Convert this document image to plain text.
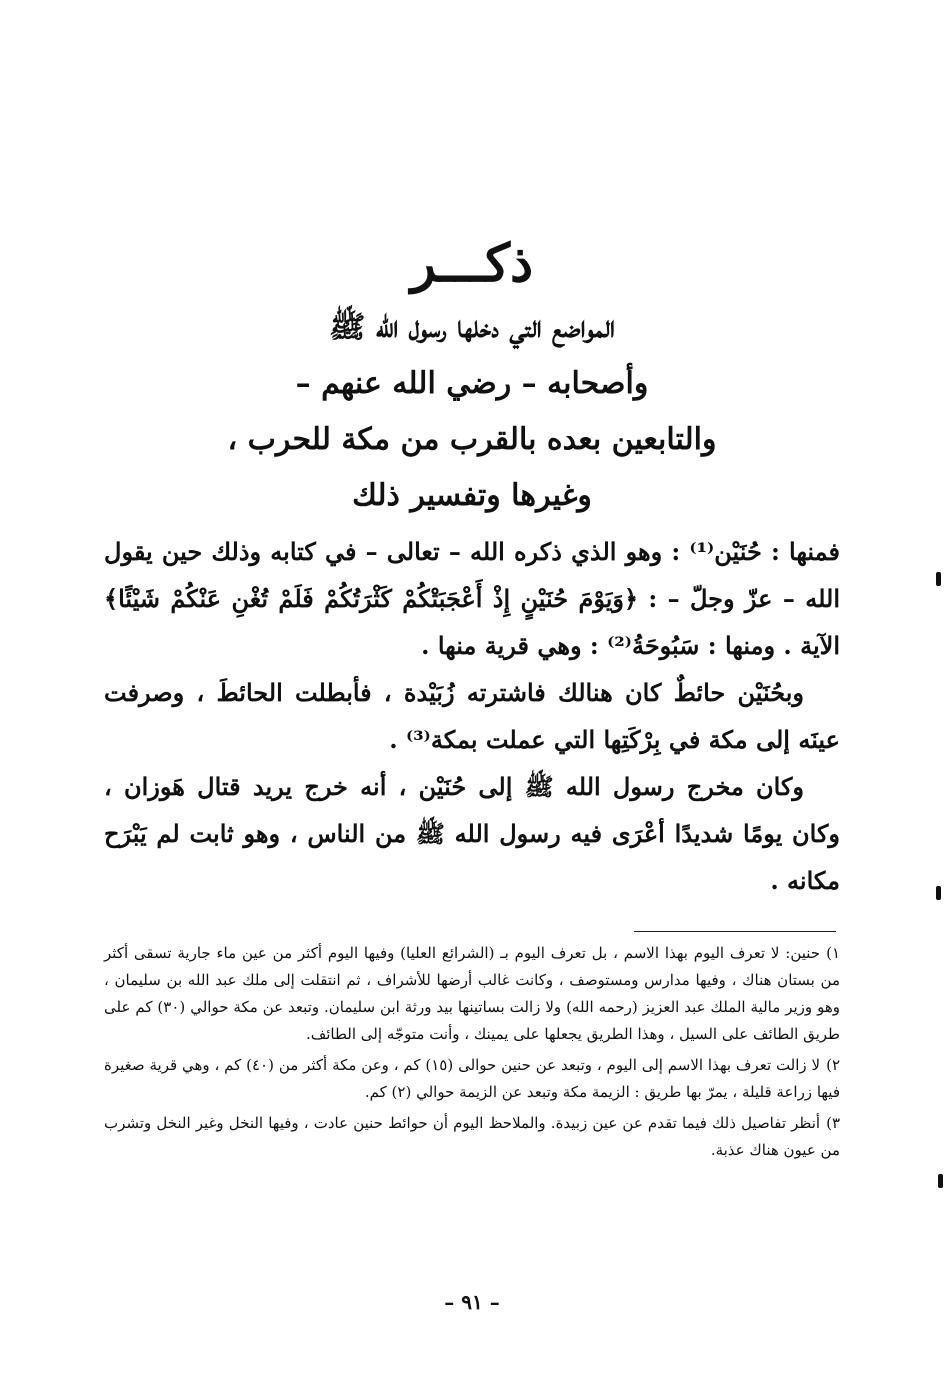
ذكـــر
المواضع التي دخلها رسول الله ﷺ
وأصحابه – رضي الله عنهم –
والتابعين بعده بالقرب من مكة للحرب ،
وغيرها وتفسير ذلك

فمنها : حُنَيْن⁽¹⁾ : وهو الذي ذكره الله – تعالى – في كتابه وذلك حين يقول الله – عزّ وجلّ – : ﴿وَيَوْمَ حُنَيْنٍ إِذْ أَعْجَبَتْكُمْ كَثْرَتُكُمْ فَلَمْ تُغْنِ عَنْكُمْ شَيْئًا﴾ الآية . ومنها : سَبُوحَةُ⁽²⁾ : وهي قرية منها .

وبحُنَيْن حائطٌ كان هنالك فاشترته زُبَيْدة ، فأبطلت الحائطَ ، وصرفت عينَه إلى مكة في بِرْكَتِها التي عملت بمكة⁽³⁾ .

وكان مخرج رسول الله ﷺ إلى حُنَيْن ، أنه خرج يريد قتال هَوزان ، وكان يومًا شديدًا أعْرَى فيه رسول الله ﷺ من الناس ، وهو ثابت لم يَبْرَح مكانه .

١)حنين: لا تعرف اليوم بهذا الاسم ، بل تعرف اليوم بـ (الشرائع العليا) وفيها اليوم أكثر من عين ماء جارية تسقى أكثر من بستان هناك ، وفيها مدارس ومستوصف ، وكانت غالب أرضها للأشراف ، ثم انتقلت إلى ملك عبد الله بن سليمان ، وهو وزير مالية الملك عبد العزيز (رحمه الله) ولا زالت بساتينها بيد ورثة ابن سليمان. وتبعد عن مكة حوالي (٣٠) كم على طريق الطائف على السيل ، وهذا الطريق يجعلها على يمينك ، وأنت متوجّه إلى الطائف.

٢)لا زالت تعرف بهذا الاسم إلى اليوم ، وتبعد عن حنين حوالى (١٥) كم ، وعن مكة أكثر من (٤٠) كم ، وهي قرية صغيرة فيها زراعة قليلة ، يمرّ بها طريق : الزيمة مكة وتبعد عن الزيمة حوالي (٢) كم.

٣)أنظر تفاصيل ذلك فيما تقدم عن عين زبيدة. والملاحظ اليوم أن حوائط حنين عادت ، وفيها النخل وغير النخل وتشرب من عيون هناك عذبة.

– ٩١ –
